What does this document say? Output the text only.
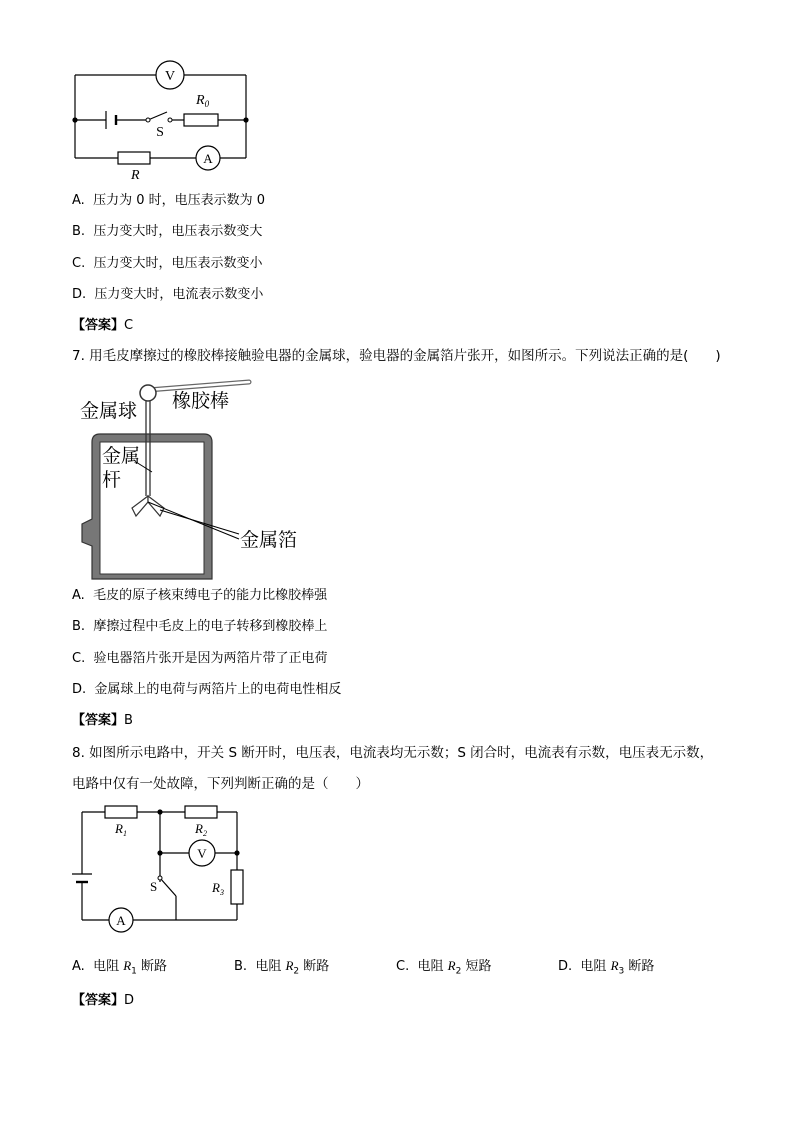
V
A
S
$R_0$
R
A. 压力为 0 时，电压表示数为 0
B. 压力变大时，电压表示数变大
C. 压力变大时，电压表示数变小
D. 压力变大时，电流表示数变小
【答案】C
7. 用毛皮摩擦过的橡胶棒接触验电器的金属球，验电器的金属箔片张开，如图所示。下列说法正确的是(　　)
金属球 橡胶棒
金属
杆
金属箔
A. 毛皮的原子核束缚电子的能力比橡胶棒强
B. 摩擦过程中毛皮上的电子转移到橡胶棒上
C. 验电器箔片张开是因为两箔片带了正电荷
D. 金属球上的电荷与两箔片上的电荷电性相反
【答案】B
8. 如图所示电路中，开关 S 断开时，电压表，电流表均无示数；S 闭合时，电流表有示数，电压表无示数，
电路中仅有一处故障，下列判断正确的是（　　）
V
A
S
$R_1$	$R_2$
$R_3$
A. 电阻 $R_1$ 断路	B. 电阻 $R_2$ 断路	C. 电阻 $R_2$ 短路	D. 电阻 $R_3$ 断路
【答案】D
